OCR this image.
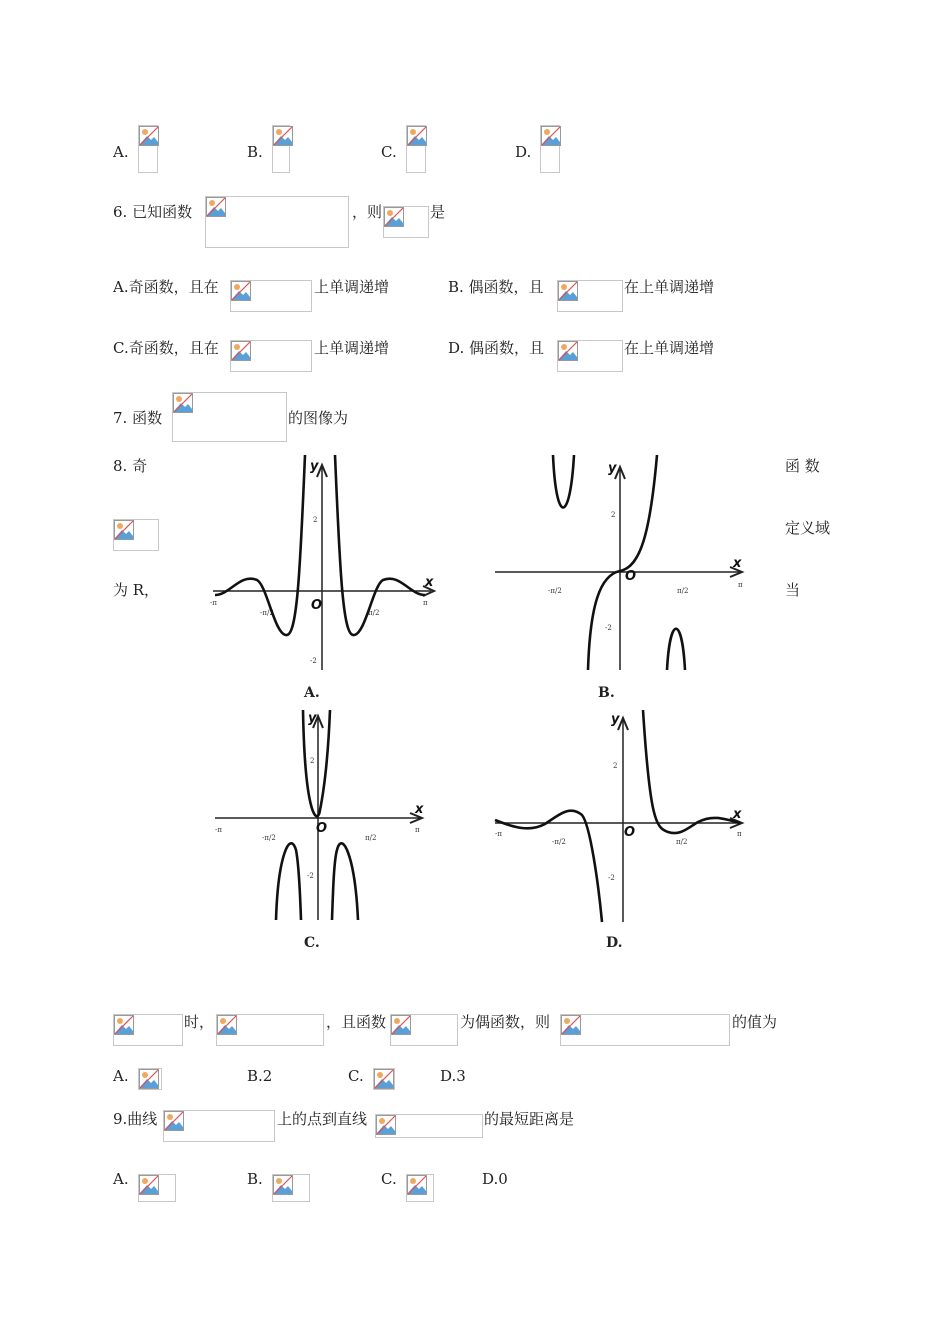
A.	B.	C.	D.
6. 已知函数	，则	是
A.奇函数，且在	上单调递增	B. 偶函数，且	在上单调递增
C.奇函数，且在	上单调递增	D. 偶函数，且	在上单调递增
7. 函数	的图像为
8. 奇
为 R，
函 数
定义域
当
x
y
O
2
-2
-π
-π/2	π/2
π
A.
x
y
O
2
-2
-π/2	π/2
π
B.
x
y
O
2
-2
-π
-π/2	π/2
π
C.
x
y
O
2
-2
-π
-π/2	π/2
π
D.
时，	，且函数	为偶函数，则	的值为
A.	B.2	C.	D.3
9.曲线	上的点到直线	的最短距离是
A.	B.	C.	D.0
